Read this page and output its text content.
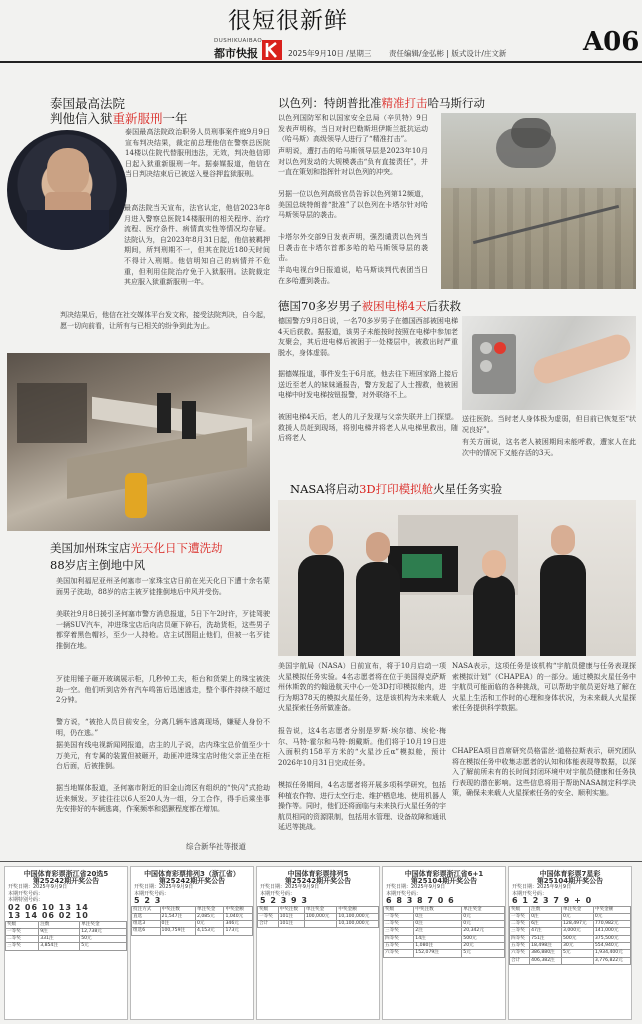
很短很新鲜
DUSHIKUAIBAO
都市快报	2025年9月10日 /星期三 责任编辑/金弘彬 | 版式设计/庄文新	A06
泰国最高法院
判他信入狱重新服刑一年
泰国最高法院政治职务人员刑事案件庭9月9日宣布判决结果，裁定前总理他信在警察总医院14楼以住院代替服刑违法，无效，判决他信即日起入狱重新服刑一年。据泰媒报道，他信在当日判决结束后已被送入曼谷押监狱服刑。
最高法院当天宣布，法官认定，他信2023年8月进入警察总医院14楼服刑的相关程序、治疗流程、医疗条件、病情真实性等情况均存疑。法院认为，自2023年8月31日起，他信被羁押期间，所判刑期不一，但其在院近180天时间不得计入刑期。他信明知自己的病情并不危重，但利用住院治疗免于入狱服刑。法院裁定其应服入狱重新服刑一年。
判决结果后，他信在社交媒体平台发文称，接受法院判决，自今起，愿一切向前看，让所有与已相关的纷争到此为止。
美国加州珠宝店光天化日下遭洗劫
88岁店主倒地中风
美国加利福尼亚州圣何塞市一家珠宝店日前在光天化日下遭十余名蒙面男子洗劫，88岁的店主被歹徒推倒地后中风并受伤。
美联社9月8日援引圣何塞市警方消息报道，5日下午2时许，歹徒驾驶一辆SUV汽车，冲进珠宝店后向店员砸下碎石，洗劫货柜，这些男子都穿着黑色帽衫，至少一人持枪。店主试图阻止他们，但被一名歹徒推倒在地。
歹徒用锤子砸开玻璃展示柜，几秒钟工夫，柜台和货架上的珠宝被洗劫一空。他们听到店外有汽车鸣笛后迅速逃走，整个事件持续不超过2分钟。
警方说，“被抢人员目前安全，分离几辆车逃离现场，嫌疑人身份不明，仍在逃。”
据美国有线电视新闻网报道，店主的儿子说，店内珠宝总价值至少十万美元，有专属的装置但被砸开，劫匪冲进珠宝店时他父亲正坐在柜台后面，后被推倒。
据当地媒体报道，圣何塞市附近的旧金山湾区有组织的“快闪”式抢劫近来频发。歹徒往往以6人至20人为一组，分工合作，得手后乘坐事先安排好的车辆逃离，作案频率和猖獗程度都在增加。
综合新华社等报道
以色列：特朗普批准精准打击哈马斯行动
以色列国防军和以国家安全总局（辛贝特）9日发表声明称，当日对时巴勒斯坦伊斯兰抵抗运动（哈马斯）高级领导人进行了“精准打击”。
声明说，遭打击的哈马斯领导层是2023年10月对以色列发动的大规模袭击“负有直接责任”，并一直在策划和指挥针对以色列的冲突。
另据一位以色列高级官员告诉以色列第12频道，美国总统特朗普“批准”了以色列在卡塔尔针对哈马斯领导层的袭击。
卡塔尔外交部9日发表声明，强烈谴责以色列当日袭击在卡塔尔首都多哈的哈马斯领导层的袭击。
半岛电视台9日报道说，哈马斯谈判代表团当日在多哈遭到袭击。
德国70多岁男子被困电梯4天后获救
德国警方9月8日说，一名70多岁男子在德国西部被困电梯4天后获救。据报道，该男子未能按时按照在电梯中参加老友聚会，其后进电梯后被困于一处楼层中，被救出时严重脱水，身体虚弱。
据德媒报道，事件发生于6月底，他去往下班回家路上接后送近至老人的妹妹通报告，警方发起了人士搜救，他被困电梯中时发电梯按钮报警，对外联络不上。
被困电梯4天后，老人的儿子发现与父亲失联并上门探望。救援人员赶到现场，将别电梯并将老人从电梯里救出，随后将老人
送往医院。当时老人身体极为虚弱，但目前已恢复至“状况良好”。
有关方面说，这名老人被困期间未能呼救，遭家人在此次中的情况下又能存活的3天。
NASA将启动3D打印模拟舱火星任务实验
美国宇航局（NASA）日前宣布，将于10月启动一项火星模拟任务实验。4名志愿者将在位于美国得克萨斯州休斯敦的约翰逊航天中心一处3D打印模拟舱内，进行为期378天的模拟火星任务，这是该机构为未来载人火星探索任务所做准备。
报告说，这4名志愿者分别是罗斯·埃尔德、埃伦·梅尔、马特·霍尔和马特·朗戴斯。他们将于10月19日进入面积约158平方米的“火星沙丘α”模拟舱，预计2026年10月31日完成任务。
模拟任务期间，4名志愿者将开展多项科学研究，包括种植农作物、进行太空行走、维护栖息地、使用机器人操作等。同时，他们还将面临与未来执行火星任务的宇航员相同的资源限制，包括用水管理、设备故障和通讯延迟等挑战。
NASA表示，这项任务是该机构“宇航员健康与任务表现探索模拟计划”（CHAPEA）的一部分。通过模拟火星任务中宇航员可能面临的各种挑战，可以帮助宇航员更好地了解在火星上生活和工作时的心理和身体状况，为未来载人火星探索任务提供科学数据。
CHAPEA项目首席研究员格雷丝·道格拉斯表示，研究团队将在模拟任务中收集志愿者的认知和体能表现等数据，以深入了解前所未有的长时间封闭环境中对宇航员健康和任务执行表现的潜在影响。这些信息将用于帮助NASA制定科学决策，确保未来载人火星探索任务的安全、顺利实施。
中国体育彩票浙江省20选5
第25242期开奖公告
开奖日期：2025年9月9日
本期开奖号码：
本期特别号码：
02 06 10 13 14
13 14 06 02 10
奖级	注数	单注奖金
一等奖	9注	12,738元
二等奖	331注	50元
三等奖	3,854注	5元
中国体育彩票排列3（浙江省）
第25242期开奖公告
开奖日期：2025年9月9日
本期开奖号码：
5 2 3
投注方式	中奖注数	单注奖金	中奖金额
直选	21,547注	2,085元	1,040元
组选3	0注	0元	346元
组选6	100,759注	4,153元	173元
中国体育彩票排列5
第25242期开奖公告
开奖日期：2025年9月9日
本期开奖号码：
5 2 3 9 3
奖级	中奖注数	单注奖金	中奖金额
一等奖	101注	100,000元	10,100,000元
合计	101注		10,100,000元
中国体育彩票浙江省6+1
第25104期开奖公告
开奖日期：2025年9月9日
本期开奖号码：
6 8 3 8 7 0 6
奖级	中奖注数	单注奖金
一等奖	0注	0元
二等奖	0注	0元
三等奖	2注	20,342元
四等奖	14注	500元
五等奖	1,080注	20元
六等奖	152,079注	5元
中国体育彩票7星彩
第25104期开奖公告
开奖日期：2025年9月9日
本期开奖号码：
6 1 2 3 7 9 + 0
奖级	注数	单注奖金	中奖金额
一等奖	0注	0元	0元
二等奖	6注	128,497元	770,982元
三等奖	47注	3,000元	141,000元
四等奖	751注	500元	375,500元
五等奖	18,498注	30元	554,940元
六等奖	386,880注	5元	1,934,400元
合计	406,382注		3,776,822元
